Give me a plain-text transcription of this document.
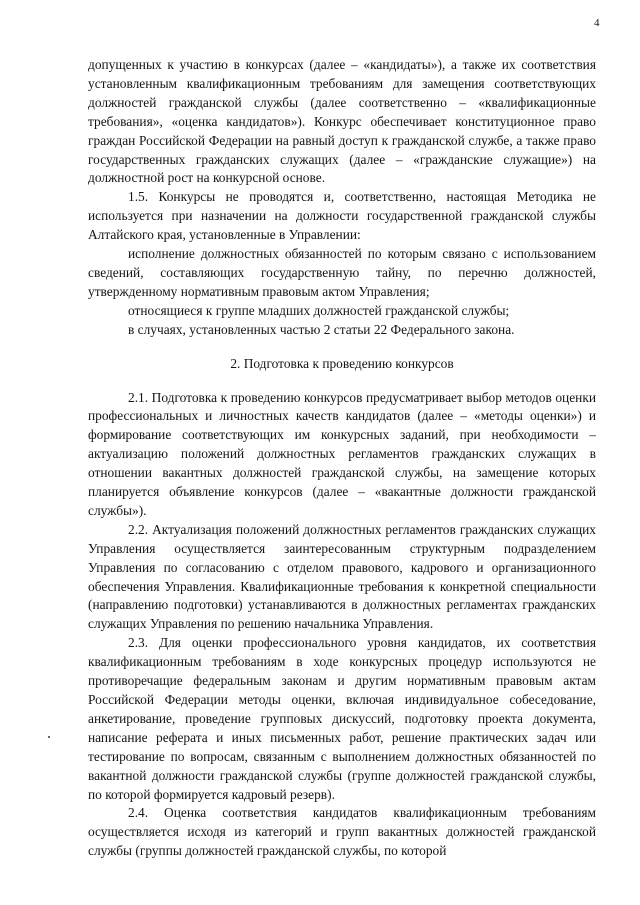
4

допущенных к участию в конкурсах (далее – «кандидаты»), а также их соответствия установленным квалификационным требованиям для замещения соответствующих должностей гражданской службы (далее соответственно – «квалификационные требования», «оценка кандидатов»). Конкурс обеспечивает конституционное право граждан Российской Федерации на равный доступ к гражданской службе, а также право государственных гражданских служащих (далее – «гражданские служащие») на должностной рост на конкурсной основе.

1.5. Конкурсы не проводятся и, соответственно, настоящая Методика не используется при назначении на должности государственной гражданской службы Алтайского края, установленные в Управлении:

исполнение должностных обязанностей по которым связано с использованием сведений, составляющих государственную тайну, по перечню должностей, утвержденному нормативным правовым актом Управления;

относящиеся к группе младших должностей гражданской службы;

в случаях, установленных частью 2 статьи 22 Федерального закона.

2. Подготовка к проведению конкурсов

2.1. Подготовка к проведению конкурсов предусматривает выбор методов оценки профессиональных и личностных качеств кандидатов (далее – «методы оценки») и формирование соответствующих им конкурсных заданий, при необходимости – актуализацию положений должностных регламентов гражданских служащих в отношении вакантных должностей гражданской службы, на замещение которых планируется объявление конкурсов (далее – «вакантные должности гражданской службы»).

2.2. Актуализация положений должностных регламентов гражданских служащих Управления осуществляется заинтересованным структурным подразделением Управления по согласованию с отделом правового, кадрового и организационного обеспечения Управления. Квалификационные требования к конкретной специальности (направлению подготовки) устанавливаются в должностных регламентах гражданских служащих Управления по решению начальника Управления.

2.3. Для оценки профессионального уровня кандидатов, их соответствия квалификационным требованиям в ходе конкурсных процедур используются не противоречащие федеральным законам и другим нормативным правовым актам Российской Федерации методы оценки, включая индивидуальное собеседование, анкетирование, проведение групповых дискуссий, подготовку проекта документа, написание реферата и иных письменных работ, решение практических задач или тестирование по вопросам, связанным с выполнением должностных обязанностей по вакантной должности гражданской службы (группе должностей гражданской службы, по которой формируется кадровый резерв).

2.4. Оценка соответствия кандидатов квалификационным требованиям осуществляется исходя из категорий и групп вакантных должностей гражданской службы (группы должностей гражданской службы, по которой
